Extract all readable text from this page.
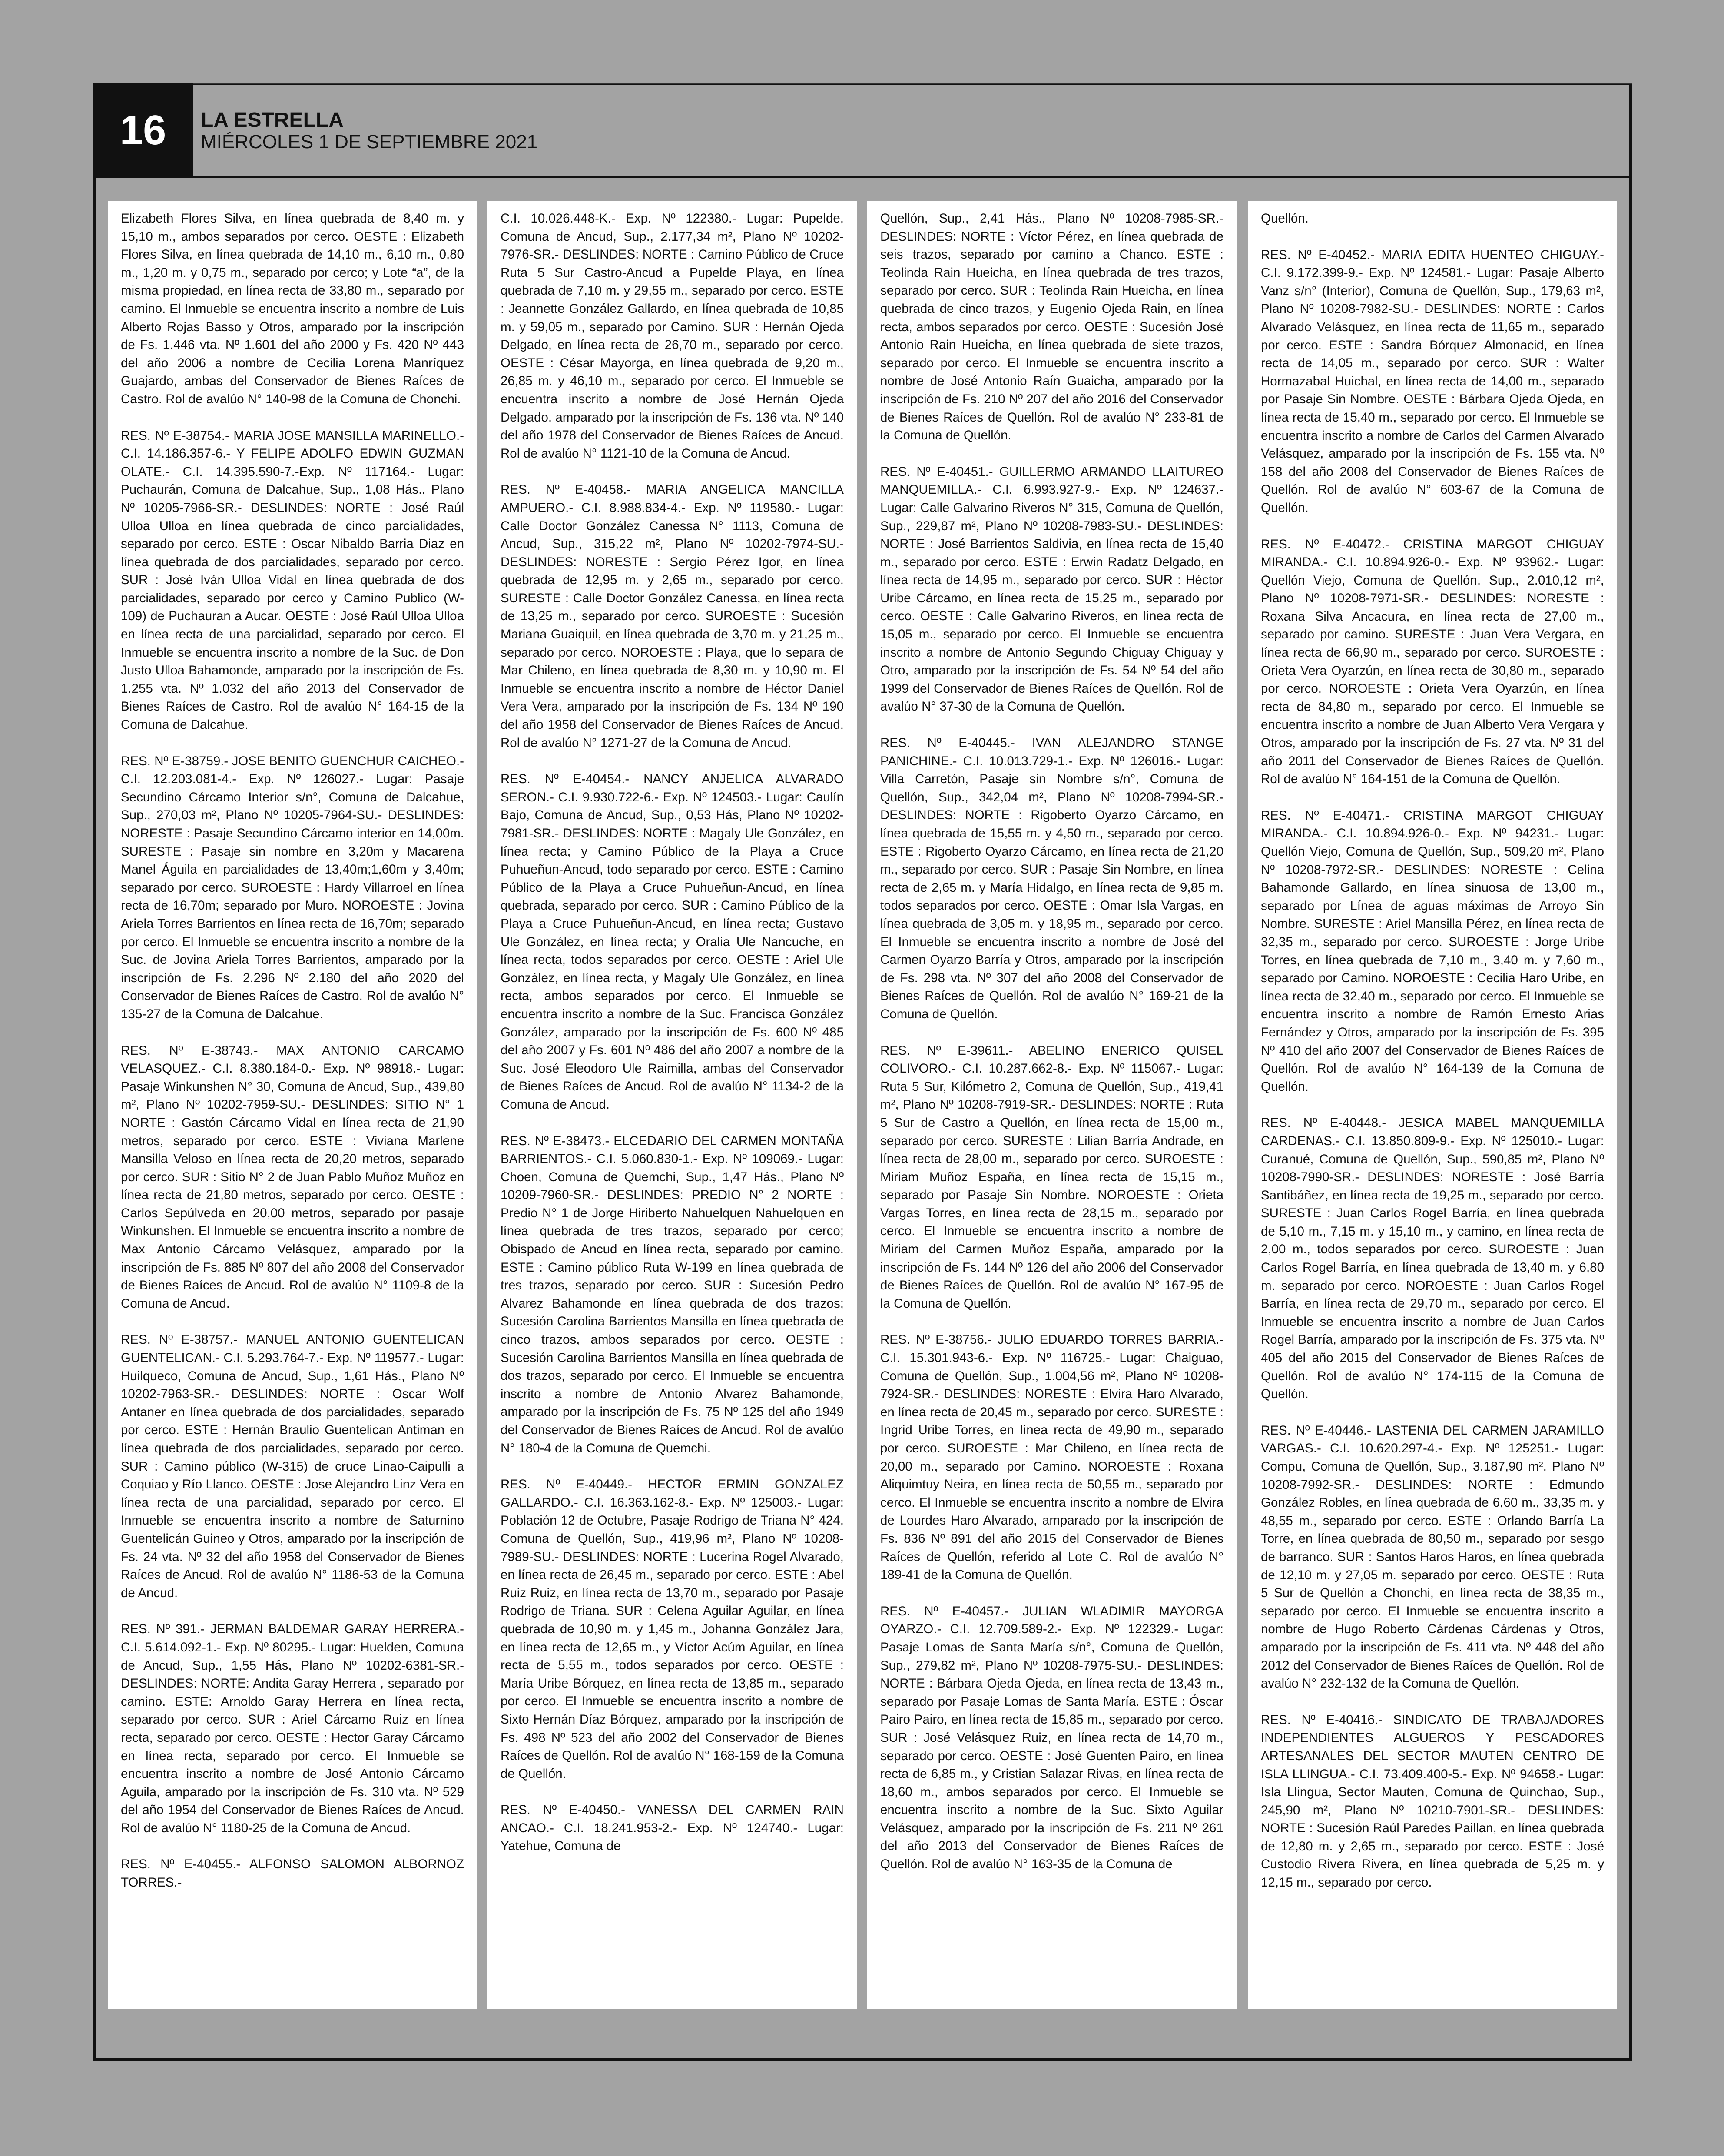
16	LA ESTRELLA
MIÉRCOLES 1 DE SEPTIEMBRE 2021

Elizabeth Flores Silva, en línea quebrada de 8,40 m. y 15,10 m., ambos separados por cerco. OESTE : Elizabeth Flores Silva, en línea quebrada de 14,10 m., 6,10 m., 0,80 m., 1,20 m. y 0,75 m., separado por cerco; y Lote “a”, de la misma propiedad, en línea recta de 33,80 m., separado por camino. El Inmueble se encuentra inscrito a nombre de Luis Alberto Rojas Basso y Otros, amparado por la inscripción de Fs. 1.446 vta. Nº 1.601 del año 2000 y Fs. 420 Nº 443 del año 2006 a nombre de Cecilia Lorena Manríquez Guajardo, ambas del Conservador de Bienes Raíces de Castro. Rol de avalúo N° 140-98 de la Comuna de Chonchi.

RES. Nº E-38754.- MARIA JOSE MANSILLA MARINELLO.- C.I. 14.186.357-6.- Y FELIPE ADOLFO EDWIN GUZMAN OLATE.- C.I. 14.395.590-7.-Exp. Nº 117164.- Lugar: Puchaurán, Comuna de Dalcahue, Sup., 1,08 Hás., Plano Nº 10205-7966-SR.- DESLINDES: NORTE : José Raúl Ulloa Ulloa en línea quebrada de cinco parcialidades, separado por cerco. ESTE : Oscar Nibaldo Barria Diaz en línea quebrada de dos parcialidades, separado por cerco. SUR : José Iván Ulloa Vidal en línea quebrada de dos parcialidades, separado por cerco y Camino Publico (W-109) de Puchauran a Aucar. OESTE : José Raúl Ulloa Ulloa en línea recta de una parcialidad, separado por cerco. El Inmueble se encuentra inscrito a nombre de la Suc. de Don Justo Ulloa Bahamonde, amparado por la inscripción de Fs. 1.255 vta. Nº 1.032 del año 2013 del Conservador de Bienes Raíces de Castro. Rol de avalúo N° 164-15 de la Comuna de Dalcahue.

RES. Nº E-38759.- JOSE BENITO GUENCHUR CAICHEO.- C.I. 12.203.081-4.- Exp. Nº 126027.- Lugar: Pasaje Secundino Cárcamo Interior s/n°, Comuna de Dalcahue, Sup., 270,03 m², Plano Nº 10205-7964-SU.- DESLINDES: NORESTE : Pasaje Secundino Cárcamo interior en 14,00m. SURESTE : Pasaje sin nombre en 3,20m y Macarena Manel Águila en parcialidades de 13,40m;1,60m y 3,40m; separado por cerco. SUROESTE : Hardy Villarroel en línea recta de 16,70m; separado por Muro. NOROESTE : Jovina Ariela Torres Barrientos en línea recta de 16,70m; separado por cerco. El Inmueble se encuentra inscrito a nombre de la Suc. de Jovina Ariela Torres Barrientos, amparado por la inscripción de Fs. 2.296 Nº 2.180 del año 2020 del Conservador de Bienes Raíces de Castro. Rol de avalúo N° 135-27 de la Comuna de Dalcahue.

RES. Nº E-38743.- MAX ANTONIO CARCAMO VELASQUEZ.- C.I. 8.380.184-0.- Exp. Nº 98918.- Lugar: Pasaje Winkunshen N° 30, Comuna de Ancud, Sup., 439,80 m², Plano Nº 10202-7959-SU.- DESLINDES: SITIO N° 1 NORTE : Gastón Cárcamo Vidal en línea recta de 21,90 metros, separado por cerco. ESTE : Viviana Marlene Mansilla Veloso en línea recta de 20,20 metros, separado por cerco. SUR : Sitio N° 2 de Juan Pablo Muñoz Muñoz en línea recta de 21,80 metros, separado por cerco. OESTE : Carlos Sepúlveda en 20,00 metros, separado por pasaje Winkunshen. El Inmueble se encuentra inscrito a nombre de Max Antonio Cárcamo Velásquez, amparado por la inscripción de Fs. 885 Nº 807 del año 2008 del Conservador de Bienes Raíces de Ancud. Rol de avalúo N° 1109-8 de la Comuna de Ancud.

RES. Nº E-38757.- MANUEL ANTONIO GUENTELICAN GUENTELICAN.- C.I. 5.293.764-7.- Exp. Nº 119577.- Lugar: Huilqueco, Comuna de Ancud, Sup., 1,61 Hás., Plano Nº 10202-7963-SR.- DESLINDES: NORTE : Oscar Wolf Antaner en línea quebrada de dos parcialidades, separado por cerco. ESTE : Hernán Braulio Guentelican Antiman en línea quebrada de dos parcialidades, separado por cerco. SUR : Camino público (W-315) de cruce Linao-Caipulli a Coquiao y Río Llanco. OESTE : Jose Alejandro Linz Vera en línea recta de una parcialidad, separado por cerco. El Inmueble se encuentra inscrito a nombre de Saturnino Guentelicán Guineo y Otros, amparado por la inscripción de Fs. 24 vta. Nº 32 del año 1958 del Conservador de Bienes Raíces de Ancud. Rol de avalúo N° 1186-53 de la Comuna de Ancud.

RES. Nº 391.- JERMAN BALDEMAR GARAY HERRERA.- C.I. 5.614.092-1.- Exp. Nº 80295.- Lugar: Huelden, Comuna de Ancud, Sup., 1,55 Hás, Plano Nº 10202-6381-SR.- DESLINDES: NORTE: Andita Garay Herrera , separado por camino. ESTE: Arnoldo Garay Herrera en línea recta, separado por cerco. SUR : Ariel Cárcamo Ruiz en línea recta, separado por cerco. OESTE : Hector Garay Cárcamo en línea recta, separado por cerco. El Inmueble se encuentra inscrito a nombre de José Antonio Cárcamo Aguila, amparado por la inscripción de Fs. 310 vta. Nº 529 del año 1954 del Conservador de Bienes Raíces de Ancud. Rol de avalúo N° 1180-25 de la Comuna de Ancud.

RES. Nº E-40455.- ALFONSO SALOMON ALBORNOZ TORRES.-

C.I. 10.026.448-K.- Exp. Nº 122380.- Lugar: Pupelde, Comuna de Ancud, Sup., 2.177,34 m², Plano Nº 10202-7976-SR.- DESLINDES: NORTE : Camino Público de Cruce Ruta 5 Sur Castro-Ancud a Pupelde Playa, en línea quebrada de 7,10 m. y 29,55 m., separado por cerco. ESTE : Jeannette González Gallardo, en línea quebrada de 10,85 m. y 59,05 m., separado por Camino. SUR : Hernán Ojeda Delgado, en línea recta de 26,70 m., separado por cerco. OESTE : César Mayorga, en línea quebrada de 9,20 m., 26,85 m. y 46,10 m., separado por cerco. El Inmueble se encuentra inscrito a nombre de José Hernán Ojeda Delgado, amparado por la inscripción de Fs. 136 vta. Nº 140 del año 1978 del Conservador de Bienes Raíces de Ancud. Rol de avalúo N° 1121-10 de la Comuna de Ancud.

RES. Nº E-40458.- MARIA ANGELICA MANCILLA AMPUERO.- C.I. 8.988.834-4.- Exp. Nº 119580.- Lugar: Calle Doctor González Canessa N° 1113, Comuna de Ancud, Sup., 315,22 m², Plano Nº 10202-7974-SU.- DESLINDES: NORESTE : Sergio Pérez Igor, en línea quebrada de 12,95 m. y 2,65 m., separado por cerco. SURESTE : Calle Doctor González Canessa, en línea recta de 13,25 m., separado por cerco. SUROESTE : Sucesión Mariana Guaiquil, en línea quebrada de 3,70 m. y 21,25 m., separado por cerco. NOROESTE : Playa, que lo separa de Mar Chileno, en línea quebrada de 8,30 m. y 10,90 m. El Inmueble se encuentra inscrito a nombre de Héctor Daniel Vera Vera, amparado por la inscripción de Fs. 134 Nº 190 del año 1958 del Conservador de Bienes Raíces de Ancud. Rol de avalúo N° 1271-27 de la Comuna de Ancud.

RES. Nº E-40454.- NANCY ANJELICA ALVARADO SERON.- C.I. 9.930.722-6.- Exp. Nº 124503.- Lugar: Caulín Bajo, Comuna de Ancud, Sup., 0,53 Hás, Plano Nº 10202-7981-SR.- DESLINDES: NORTE : Magaly Ule González, en línea recta; y Camino Público de la Playa a Cruce Puhueñun-Ancud, todo separado por cerco. ESTE : Camino Público de la Playa a Cruce Puhueñun-Ancud, en línea quebrada, separado por cerco. SUR : Camino Público de la Playa a Cruce Puhueñun-Ancud, en línea recta; Gustavo Ule González, en línea recta; y Oralia Ule Nancuche, en línea recta, todos separados por cerco. OESTE : Ariel Ule González, en línea recta, y Magaly Ule González, en línea recta, ambos separados por cerco. El Inmueble se encuentra inscrito a nombre de la Suc. Francisca González González, amparado por la inscripción de Fs. 600 Nº 485 del año 2007 y Fs. 601 Nº 486 del año 2007 a nombre de la Suc. José Eleodoro Ule Raimilla, ambas del Conservador de Bienes Raíces de Ancud. Rol de avalúo N° 1134-2 de la Comuna de Ancud.

RES. Nº E-38473.- ELCEDARIO DEL CARMEN MONTAÑA BARRIENTOS.- C.I. 5.060.830-1.- Exp. Nº 109069.- Lugar: Choen, Comuna de Quemchi, Sup., 1,47 Hás., Plano Nº 10209-7960-SR.- DESLINDES: PREDIO N° 2 NORTE : Predio N° 1 de Jorge Hiriberto Nahuelquen Nahuelquen en línea quebrada de tres trazos, separado por cerco; Obispado de Ancud en línea recta, separado por camino. ESTE : Camino público Ruta W-199 en línea quebrada de tres trazos, separado por cerco. SUR : Sucesión Pedro Alvarez Bahamonde en línea quebrada de dos trazos; Sucesión Carolina Barrientos Mansilla en línea quebrada de cinco trazos, ambos separados por cerco. OESTE : Sucesión Carolina Barrientos Mansilla en línea quebrada de dos trazos, separado por cerco. El Inmueble se encuentra inscrito a nombre de Antonio Alvarez Bahamonde, amparado por la inscripción de Fs. 75 Nº 125 del año 1949 del Conservador de Bienes Raíces de Ancud. Rol de avalúo N° 180-4 de la Comuna de Quemchi.

RES. Nº E-40449.- HECTOR ERMIN GONZALEZ GALLARDO.- C.I. 16.363.162-8.- Exp. Nº 125003.- Lugar: Población 12 de Octubre, Pasaje Rodrigo de Triana N° 424, Comuna de Quellón, Sup., 419,96 m², Plano Nº 10208-7989-SU.- DESLINDES: NORTE : Lucerina Rogel Alvarado, en línea recta de 26,45 m., separado por cerco. ESTE : Abel Ruiz Ruiz, en línea recta de 13,70 m., separado por Pasaje Rodrigo de Triana. SUR : Celena Aguilar Aguilar, en línea quebrada de 10,90 m. y 1,45 m., Johanna González Jara, en línea recta de 12,65 m., y Víctor Acúm Aguilar, en línea recta de 5,55 m., todos separados por cerco. OESTE : María Uribe Bórquez, en línea recta de 13,85 m., separado por cerco. El Inmueble se encuentra inscrito a nombre de Sixto Hernán Díaz Bórquez, amparado por la inscripción de Fs. 498 Nº 523 del año 2002 del Conservador de Bienes Raíces de Quellón. Rol de avalúo N° 168-159 de la Comuna de Quellón.

RES. Nº E-40450.- VANESSA DEL CARMEN RAIN ANCAO.- C.I. 18.241.953-2.- Exp. Nº 124740.- Lugar: Yatehue, Comuna de

Quellón, Sup., 2,41 Hás., Plano Nº 10208-7985-SR.- DESLINDES: NORTE : Víctor Pérez, en línea quebrada de seis trazos, separado por camino a Chanco. ESTE : Teolinda Rain Hueicha, en línea quebrada de tres trazos, separado por cerco. SUR : Teolinda Rain Hueicha, en línea quebrada de cinco trazos, y Eugenio Ojeda Rain, en línea recta, ambos separados por cerco. OESTE : Sucesión José Antonio Rain Hueicha, en línea quebrada de siete trazos, separado por cerco. El Inmueble se encuentra inscrito a nombre de José Antonio Raín Guaicha, amparado por la inscripción de Fs. 210 Nº 207 del año 2016 del Conservador de Bienes Raíces de Quellón. Rol de avalúo N° 233-81 de la Comuna de Quellón.

RES. Nº E-40451.- GUILLERMO ARMANDO LLAITUREO MANQUEMILLA.- C.I. 6.993.927-9.- Exp. Nº 124637.- Lugar: Calle Galvarino Riveros N° 315, Comuna de Quellón, Sup., 229,87 m², Plano Nº 10208-7983-SU.- DESLINDES: NORTE : José Barrientos Saldivia, en línea recta de 15,40 m., separado por cerco. ESTE : Erwin Radatz Delgado, en línea recta de 14,95 m., separado por cerco. SUR : Héctor Uribe Cárcamo, en línea recta de 15,25 m., separado por cerco. OESTE : Calle Galvarino Riveros, en línea recta de 15,05 m., separado por cerco. El Inmueble se encuentra inscrito a nombre de Antonio Segundo Chiguay Chiguay y Otro, amparado por la inscripción de Fs. 54 Nº 54 del año 1999 del Conservador de Bienes Raíces de Quellón. Rol de avalúo N° 37-30 de la Comuna de Quellón.

RES. Nº E-40445.- IVAN ALEJANDRO STANGE PANICHINE.- C.I. 10.013.729-1.- Exp. Nº 126016.- Lugar: Villa Carretón, Pasaje sin Nombre s/n°, Comuna de Quellón, Sup., 342,04 m², Plano Nº 10208-7994-SR.- DESLINDES: NORTE : Rigoberto Oyarzo Cárcamo, en línea quebrada de 15,55 m. y 4,50 m., separado por cerco. ESTE : Rigoberto Oyarzo Cárcamo, en línea recta de 21,20 m., separado por cerco. SUR : Pasaje Sin Nombre, en línea recta de 2,65 m. y María Hidalgo, en línea recta de 9,85 m. todos separados por cerco. OESTE : Omar Isla Vargas, en línea quebrada de 3,05 m. y 18,95 m., separado por cerco. El Inmueble se encuentra inscrito a nombre de José del Carmen Oyarzo Barría y Otros, amparado por la inscripción de Fs. 298 vta. Nº 307 del año 2008 del Conservador de Bienes Raíces de Quellón. Rol de avalúo N° 169-21 de la Comuna de Quellón.

RES. Nº E-39611.- ABELINO ENERICO QUISEL COLIVORO.- C.I. 10.287.662-8.- Exp. Nº 115067.- Lugar: Ruta 5 Sur, Kilómetro 2, Comuna de Quellón, Sup., 419,41 m², Plano Nº 10208-7919-SR.- DESLINDES: NORTE : Ruta 5 Sur de Castro a Quellón, en línea recta de 15,00 m., separado por cerco. SURESTE : Lilian Barría Andrade, en línea recta de 28,00 m., separado por cerco. SUROESTE : Miriam Muñoz España, en línea recta de 15,15 m., separado por Pasaje Sin Nombre. NOROESTE : Orieta Vargas Torres, en línea recta de 28,15 m., separado por cerco. El Inmueble se encuentra inscrito a nombre de Miriam del Carmen Muñoz España, amparado por la inscripción de Fs. 144 Nº 126 del año 2006 del Conservador de Bienes Raíces de Quellón. Rol de avalúo N° 167-95 de la Comuna de Quellón.

RES. Nº E-38756.- JULIO EDUARDO TORRES BARRIA.- C.I. 15.301.943-6.- Exp. Nº 116725.- Lugar: Chaiguao, Comuna de Quellón, Sup., 1.004,56 m², Plano Nº 10208-7924-SR.- DESLINDES: NORESTE : Elvira Haro Alvarado, en línea recta de 20,45 m., separado por cerco. SURESTE : Ingrid Uribe Torres, en línea recta de 49,90 m., separado por cerco. SUROESTE : Mar Chileno, en línea recta de 20,00 m., separado por Camino. NOROESTE : Roxana Aliquimtuy Neira, en línea recta de 50,55 m., separado por cerco. El Inmueble se encuentra inscrito a nombre de Elvira de Lourdes Haro Alvarado, amparado por la inscripción de Fs. 836 Nº 891 del año 2015 del Conservador de Bienes Raíces de Quellón, referido al Lote C. Rol de avalúo N° 189-41 de la Comuna de Quellón.

RES. Nº E-40457.- JULIAN WLADIMIR MAYORGA OYARZO.- C.I. 12.709.589-2.- Exp. Nº 122329.- Lugar: Pasaje Lomas de Santa María s/n°, Comuna de Quellón, Sup., 279,82 m², Plano Nº 10208-7975-SU.- DESLINDES: NORTE : Bárbara Ojeda Ojeda, en línea recta de 13,43 m., separado por Pasaje Lomas de Santa María. ESTE : Óscar Pairo Pairo, en línea recta de 15,85 m., separado por cerco. SUR : José Velásquez Ruiz, en línea recta de 14,70 m., separado por cerco. OESTE : José Guenten Pairo, en línea recta de 6,85 m., y Cristian Salazar Rivas, en línea recta de 18,60 m., ambos separados por cerco. El Inmueble se encuentra inscrito a nombre de la Suc. Sixto Aguilar Velásquez, amparado por la inscripción de Fs. 211 Nº 261 del año 2013 del Conservador de Bienes Raíces de Quellón. Rol de avalúo N° 163-35 de la Comuna de

Quellón.

RES. Nº E-40452.- MARIA EDITA HUENTEO CHIGUAY.- C.I. 9.172.399-9.- Exp. Nº 124581.- Lugar: Pasaje Alberto Vanz s/n° (Interior), Comuna de Quellón, Sup., 179,63 m², Plano Nº 10208-7982-SU.- DESLINDES: NORTE : Carlos Alvarado Velásquez, en línea recta de 11,65 m., separado por cerco. ESTE : Sandra Bórquez Almonacid, en línea recta de 14,05 m., separado por cerco. SUR : Walter Hormazabal Huichal, en línea recta de 14,00 m., separado por Pasaje Sin Nombre. OESTE : Bárbara Ojeda Ojeda, en línea recta de 15,40 m., separado por cerco. El Inmueble se encuentra inscrito a nombre de Carlos del Carmen Alvarado Velásquez, amparado por la inscripción de Fs. 155 vta. Nº 158 del año 2008 del Conservador de Bienes Raíces de Quellón. Rol de avalúo N° 603-67 de la Comuna de Quellón.

RES. Nº E-40472.- CRISTINA MARGOT CHIGUAY MIRANDA.- C.I. 10.894.926-0.- Exp. Nº 93962.- Lugar: Quellón Viejo, Comuna de Quellón, Sup., 2.010,12 m², Plano Nº 10208-7971-SR.- DESLINDES: NORESTE : Roxana Silva Ancacura, en línea recta de 27,00 m., separado por camino. SURESTE : Juan Vera Vergara, en línea recta de 66,90 m., separado por cerco. SUROESTE : Orieta Vera Oyarzún, en línea recta de 30,80 m., separado por cerco. NOROESTE : Orieta Vera Oyarzún, en línea recta de 84,80 m., separado por cerco. El Inmueble se encuentra inscrito a nombre de Juan Alberto Vera Vergara y Otros, amparado por la inscripción de Fs. 27 vta. Nº 31 del año 2011 del Conservador de Bienes Raíces de Quellón. Rol de avalúo N° 164-151 de la Comuna de Quellón.

RES. Nº E-40471.- CRISTINA MARGOT CHIGUAY MIRANDA.- C.I. 10.894.926-0.- Exp. Nº 94231.- Lugar: Quellón Viejo, Comuna de Quellón, Sup., 509,20 m², Plano Nº 10208-7972-SR.- DESLINDES: NORESTE : Celina Bahamonde Gallardo, en línea sinuosa de 13,00 m., separado por Línea de aguas máximas de Arroyo Sin Nombre. SURESTE : Ariel Mansilla Pérez, en línea recta de 32,35 m., separado por cerco. SUROESTE : Jorge Uribe Torres, en línea quebrada de 7,10 m., 3,40 m. y 7,60 m., separado por Camino. NOROESTE : Cecilia Haro Uribe, en línea recta de 32,40 m., separado por cerco. El Inmueble se encuentra inscrito a nombre de Ramón Ernesto Arias Fernández y Otros, amparado por la inscripción de Fs. 395 Nº 410 del año 2007 del Conservador de Bienes Raíces de Quellón. Rol de avalúo N° 164-139 de la Comuna de Quellón.

RES. Nº E-40448.- JESICA MABEL MANQUEMILLA CARDENAS.- C.I. 13.850.809-9.- Exp. Nº 125010.- Lugar: Curanué, Comuna de Quellón, Sup., 590,85 m², Plano Nº 10208-7990-SR.- DESLINDES: NORESTE : José Barría Santibáñez, en línea recta de 19,25 m., separado por cerco. SURESTE : Juan Carlos Rogel Barría, en línea quebrada de 5,10 m., 7,15 m. y 15,10 m., y camino, en línea recta de 2,00 m., todos separados por cerco. SUROESTE : Juan Carlos Rogel Barría, en línea quebrada de 13,40 m. y 6,80 m. separado por cerco. NOROESTE : Juan Carlos Rogel Barría, en línea recta de 29,70 m., separado por cerco. El Inmueble se encuentra inscrito a nombre de Juan Carlos Rogel Barría, amparado por la inscripción de Fs. 375 vta. Nº 405 del año 2015 del Conservador de Bienes Raíces de Quellón. Rol de avalúo N° 174-115 de la Comuna de Quellón.

RES. Nº E-40446.- LASTENIA DEL CARMEN JARAMILLO VARGAS.- C.I. 10.620.297-4.- Exp. Nº 125251.- Lugar: Compu, Comuna de Quellón, Sup., 3.187,90 m², Plano Nº 10208-7992-SR.- DESLINDES: NORTE : Edmundo González Robles, en línea quebrada de 6,60 m., 33,35 m. y 48,55 m., separado por cerco. ESTE : Orlando Barría La Torre, en línea quebrada de 80,50 m., separado por sesgo de barranco. SUR : Santos Haros Haros, en línea quebrada de 12,10 m. y 27,05 m. separado por cerco. OESTE : Ruta 5 Sur de Quellón a Chonchi, en línea recta de 38,35 m., separado por cerco. El Inmueble se encuentra inscrito a nombre de Hugo Roberto Cárdenas Cárdenas y Otros, amparado por la inscripción de Fs. 411 vta. Nº 448 del año 2012 del Conservador de Bienes Raíces de Quellón. Rol de avalúo N° 232-132 de la Comuna de Quellón.

RES. Nº E-40416.- SINDICATO DE TRABAJADORES INDEPENDIENTES ALGUEROS Y PESCADORES ARTESANALES DEL SECTOR MAUTEN CENTRO DE ISLA LLINGUA.- C.I. 73.409.400-5.- Exp. Nº 94658.- Lugar: Isla Llingua, Sector Mauten, Comuna de Quinchao, Sup., 245,90 m², Plano Nº 10210-7901-SR.- DESLINDES: NORTE : Sucesión Raúl Paredes Paillan, en línea quebrada de 12,80 m. y 2,65 m., separado por cerco. ESTE : José Custodio Rivera Rivera, en línea quebrada de 5,25 m. y 12,15 m., separado por cerco.
